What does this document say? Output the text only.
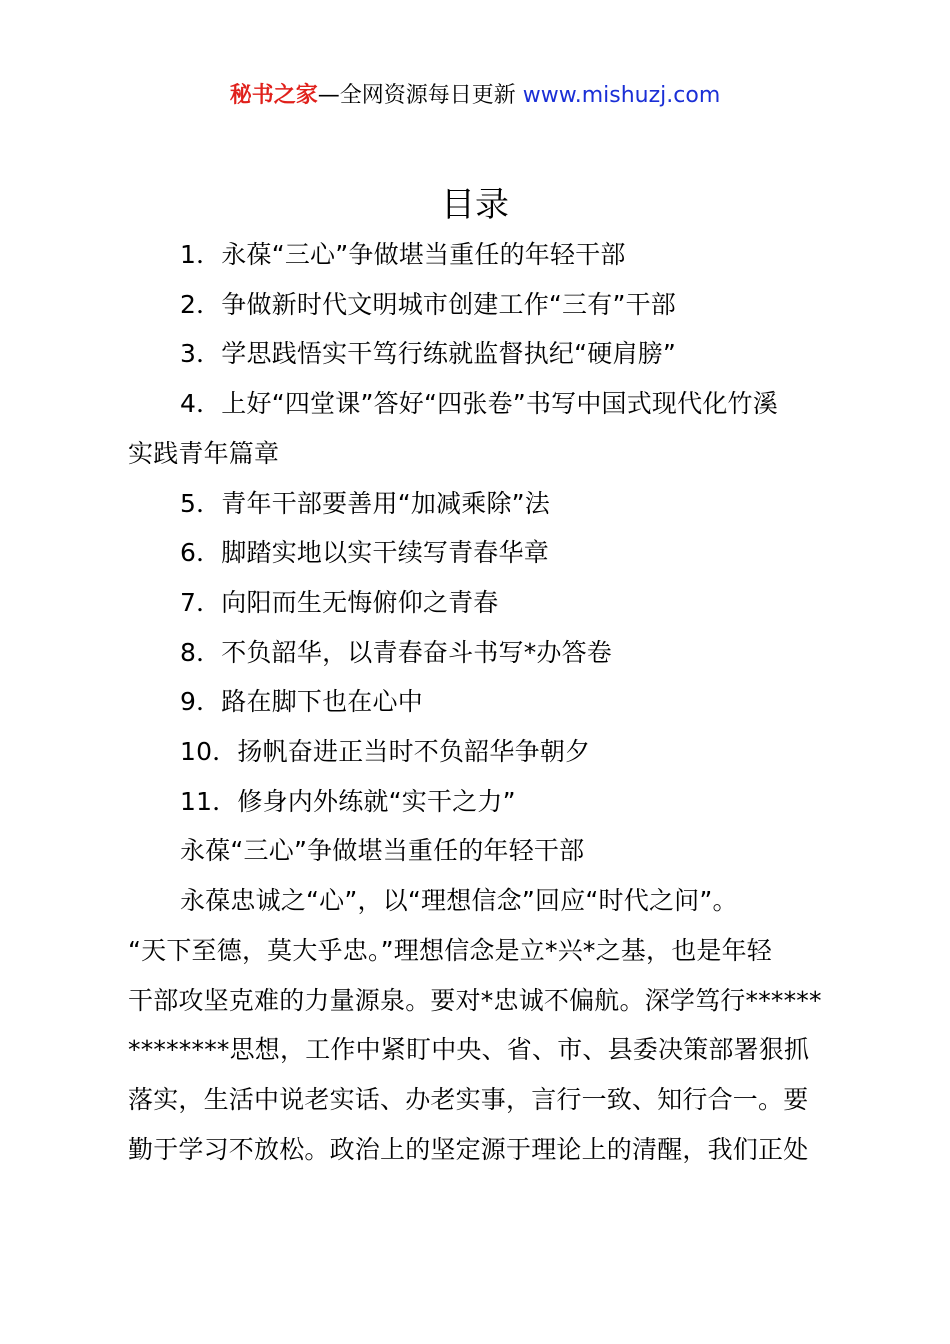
秘书之家—全网资源每日更新 www.mishuzj.com
目录
1．永葆“三心”争做堪当重任的年轻干部
2．争做新时代文明城市创建工作“三有”干部
3．学思践悟实干笃行练就监督执纪“硬肩膀”
4．上好“四堂课”答好“四张卷”书写中国式现代化竹溪
实践青年篇章
5．青年干部要善用“加减乘除”法
6．脚踏实地以实干续写青春华章
7．向阳而生无悔俯仰之青春
8．不负韶华，以青春奋斗书写*办答卷
9．路在脚下也在心中
10．扬帆奋进正当时不负韶华争朝夕
11．修身内外练就“实干之力”
永葆“三心”争做堪当重任的年轻干部
永葆忠诚之“心”，以“理想信念”回应“时代之问”。
“天下至德，莫大乎忠。”理想信念是立*兴*之基，也是年轻
干部攻坚克难的力量源泉。要对*忠诚不偏航。深学笃行******
********思想，工作中紧盯中央、省、市、县委决策部署狠抓
落实，生活中说老实话、办老实事，言行一致、知行合一。要
勤于学习不放松。政治上的坚定源于理论上的清醒，我们正处
